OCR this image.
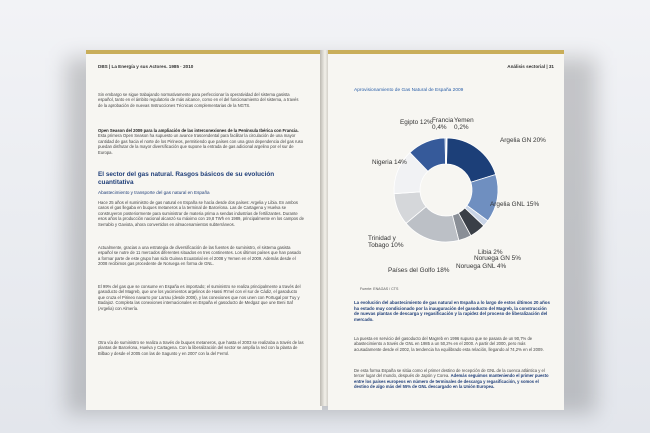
DBS | La Energía y sus Actores. 1985 · 2010
Sin embargo se sigue trabajando normativamente para perfeccionar la operatividad del sistema gasista español, tanto en el ámbito regulatorio de más alcance, como en el del funcionamiento del sistema, a través de la aprobación de nuevas Instrucciones Técnicas complementarias de la NGTS.
Open Season del 2009 para la ampliación de las interconexiones de la Península Ibérica con Francia. Esta primera Open Season ha supuesto un avance trascendental para facilitar la circulación de una mayor cantidad de gas hacia el norte de los Pirineos, permitiendo que países con una gran dependencia del gas ruso puedan disfrutar de la mayor diversificación que supone la entrada de gas adicional argelino por el sur de Europa.
El sector del gas natural. Rasgos básicos de su evolución cuantitativa
Abastecimiento y transporte del gas natural en España
Hace 25 años el suministro de gas natural en España se hacía desde dos países: Argelia y Libia. En ambos casos el gas llegaba en buques metaneros a la terminal de Barcelona. Las de Cartagena y Huelva se construyeron posteriormente para suministrar de materia prima a sendas industrias de fertilizantes. Durante esos años la producción nacional alcanzó su máximo con 19,8 TWh en 1989, principalmente en los campos de Serrablo y Gaviota, ahora convertidos en almacenamientos subterráneos.
Actualmente, gracias a una estrategia de diversificación de las fuentes de suministro, el sistema gasista español se nutre de 11 mercados diferentes situados en tres continentes. Los últimos países que han pasado a formar parte de este grupo han sido Guinea Ecuatorial en el 2008 y Yemen en el 2009. Además desde el 2008 recibimos gas procedente de Noruega en forma de GNL.
El 99% del gas que se consume en España es importado; el suministro se realiza principalmente a través del gasoducto del Magreb, que une los yacimientos argelinos de Hassi R'mel con el sur de Cádiz, el gasoducto que cruza el Pirineo navarro por Larrau (desde 2006), y las conexiones que nos unen con Portugal por Tuy y Badajoz. Completa las conexiones internacionales en España el gasoducto de Medgaz que une Beni Saf (Argelia) con Almería.
Otra vía de suministro se realiza a través de buques metaneros, que hasta el 2003 se realizaba a través de las plantas de Barcelona, Huelva y Cartagena. Con la liberalización del sector se amplía la red con la planta de Bilbao y desde el 2005 con las de Sagunto y en 2007 con la del Ferrol.
Análisis sectorial | 31
Aprovisionamiento de Gas Natural de España 2009
Argelia GN 20%
Argelia GNL 15%
Libia 2%
Noruega GN 5%
Noruega GNL 4%
Países del Golfo 18%
Trinidad y Tobago 10%
Nigeria 14%
Egipto 12% Francia 0,4%
Yemen 0,2%
Fuente: ENAGAS / CTS
La evolución del abastecimiento de gas natural en España a lo largo de estos últimos 20 años ha estado muy condicionado por la inauguración del gasoducto del Magreb, la construcción de nuevas plantas de descarga y regasificación y la rapidez del proceso de liberalización del mercado.
La puesta en servicio del gasoducto del Magreb en 1996 supuso que se pasara de un 90,7% de abastecimiento a través de GNL en 1985 a un 50,2% en el 2000. A partir del 2000, pero más acusadamente desde el 2002, la tendencia ha equilibrado esta relación, llegando al 74,2% en el 2009.
De esta forma España se sitúa como el primer destino de recepción de GNL de la cuenca atlántica y el tercer lugar del mundo, después de Japón y Corea. Además seguimos manteniendo el primer puesto entre los países europeos en número de terminales de descarga y regasificación, y somos el destino de algo más del 55% de GNL descargado en la Unión Europea.
